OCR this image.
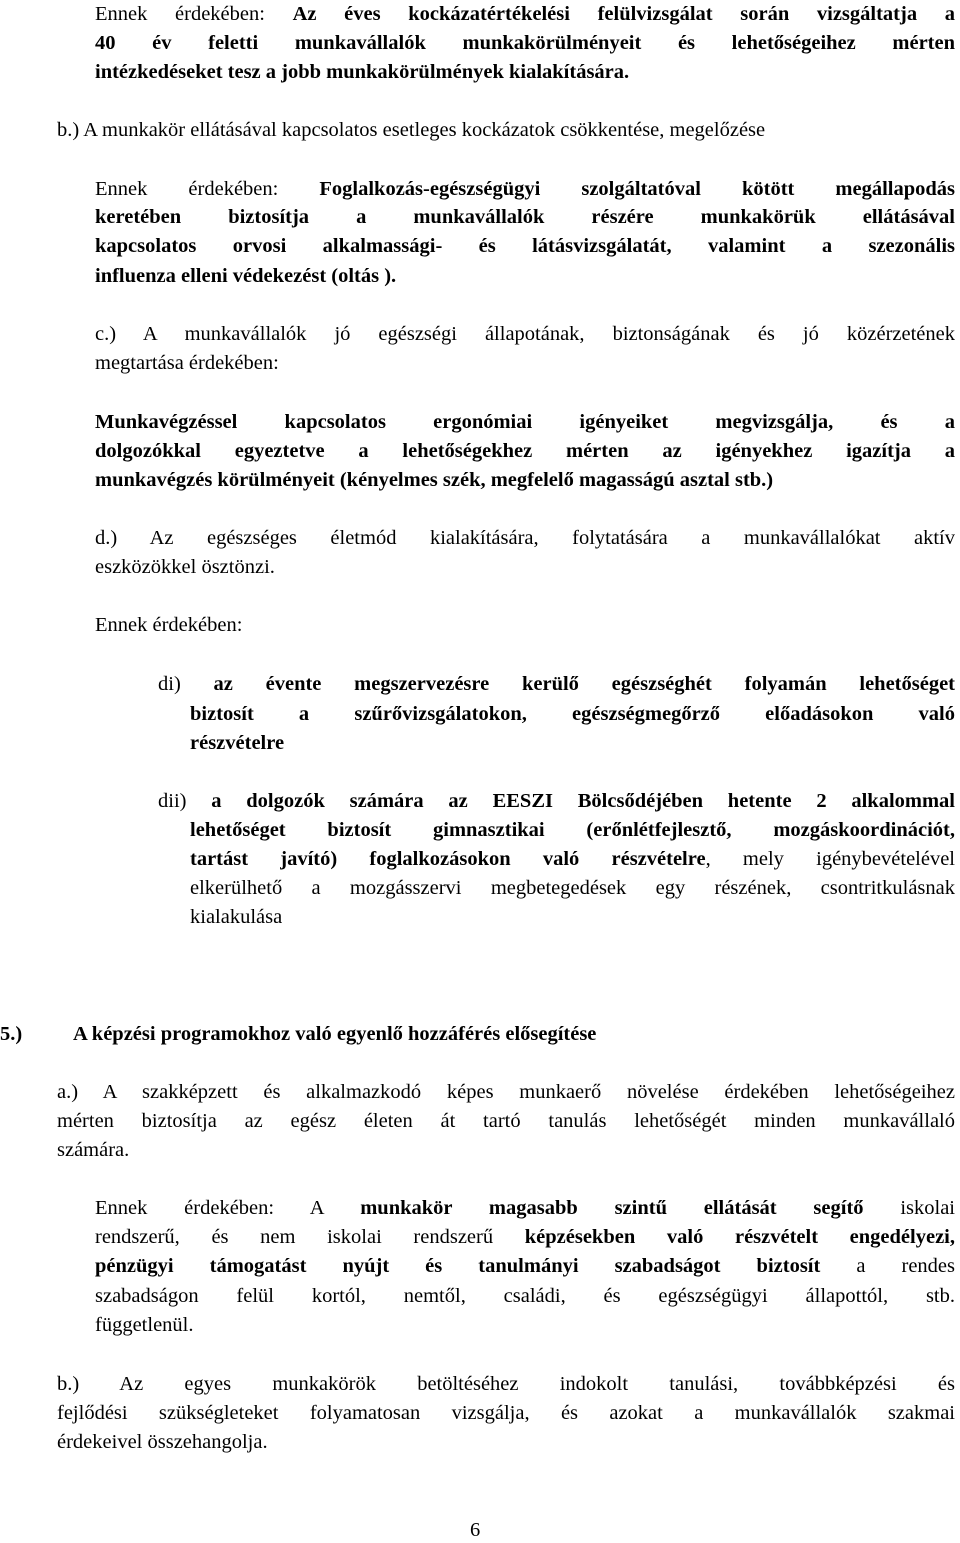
Ennek érdekében: Az éves kockázatértékelési felülvizsgálat során vizsgáltatja a
40 év feletti munkavállalók munkakörülményeit és lehetőségeihez mérten
intézkedéseket tesz a jobb munkakörülmények kialakítására.
b.) A munkakör ellátásával kapcsolatos esetleges kockázatok csökkentése, megelőzése
Ennek érdekében: Foglalkozás-egészségügyi szolgáltatóval kötött megállapodás
keretében biztosítja a munkavállalók részére munkakörük ellátásával
kapcsolatos orvosi alkalmassági- és látásvizsgálatát, valamint a szezonális
influenza elleni védekezést (oltás ).
c.) A munkavállalók jó egészségi állapotának, biztonságának és jó közérzetének
megtartása érdekében:
Munkavégzéssel kapcsolatos ergonómiai igényeiket megvizsgálja, és a
dolgozókkal egyeztetve a lehetőségekhez mérten az igényekhez igazítja a
munkavégzés körülményeit (kényelmes szék, megfelelő magasságú asztal stb.)
d.) Az egészséges életmód kialakítására, folytatására a munkavállalókat aktív
eszközökkel ösztönzi.
Ennek érdekében:
di) az évente megszervezésre kerülő egészséghét folyamán lehetőséget
biztosít a szűrővizsgálatokon, egészségmegőrző előadásokon való
részvételre
dii) a dolgozók számára az EESZI Bölcsődéjében hetente 2 alkalommal
lehetőséget biztosít gimnasztikai (erőnlétfejlesztő, mozgáskoordinációt,
tartást javító) foglalkozásokon való részvételre, mely igénybevételével
elkerülhető a mozgásszervi megbetegedések egy részének, csontritkulásnak
kialakulása
5.) A képzési programokhoz való egyenlő hozzáférés elősegítése
a.) A szakképzett és alkalmazkodó képes munkaerő növelése érdekében lehetőségeihez
mérten biztosítja az egész életen át tartó tanulás lehetőségét minden munkavállaló
számára.
Ennek érdekében: A munkakör magasabb szintű ellátását segítő iskolai
rendszerű, és nem iskolai rendszerű képzésekben való részvételt engedélyezi,
pénzügyi támogatást nyújt és tanulmányi szabadságot biztosít a rendes
szabadságon felül kortól, nemtől, családi, és egészségügyi állapottól, stb.
függetlenül.
b.) Az egyes munkakörök betöltéséhez indokolt tanulási, továbbképzési és
fejlődési szükségleteket folyamatosan vizsgálja, és azokat a munkavállalók szakmai
érdekeivel összehangolja.
6
